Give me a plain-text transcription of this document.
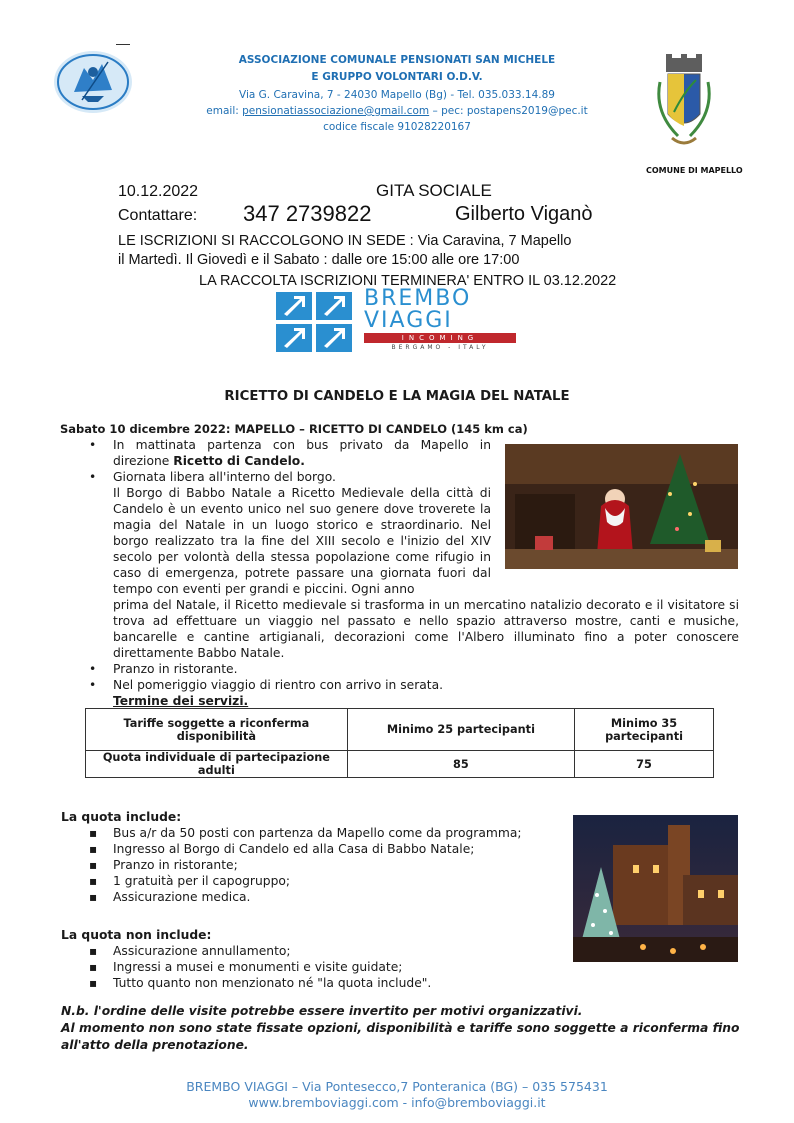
ASSOCIAZIONE COMUNALE PENSIONATI SAN MICHELE
E GRUPPO VOLONTARI O.D.V.
Via G. Caravina, 7 - 24030 Mapello (Bg) - Tel. 035.033.14.89
email: pensionatiassociazione@gmail.com – pec: postapens2019@pec.it
codice fiscale 91028220167
COMUNE DI MAPELLO
10.12.2022	GITA SOCIALE
Contattare: 347 2739822	Gilberto Viganò
LE ISCRIZIONI SI RACCOLGONO IN SEDE : Via Caravina, 7 Mapello
il Martedì. Il Giovedì e il Sabato : dalle ore 15:00 alle ore 17:00
LA RACCOLTA ISCRIZIONI TERMINERA' ENTRO IL 03.12.2022
BREMBO
VIAGGI
INCOMING
BERGAMO - ITALY
RICETTO DI CANDELO E LA MAGIA DEL NATALE
Sabato 10 dicembre 2022: MAPELLO – RICETTO DI CANDELO (145 km ca)
• In mattinata partenza con bus privato da Mapello in direzione Ricetto di Candelo.
• Giornata libera all'interno del borgo.
Il Borgo di Babbo Natale a Ricetto Medievale della città di Candelo è un evento unico nel suo genere dove troverete la magia del Natale in un luogo storico e straordinario. Nel borgo realizzato tra la fine del XIII secolo e l'inizio del XIV secolo per volontà della stessa popolazione come rifugio in caso di emergenza, potrete passare una giornata fuori dal tempo con eventi per grandi e piccini. Ogni anno
prima del Natale, il Ricetto medievale si trasforma in un mercatino natalizio decorato e il visitatore si trova ad effettuare un viaggio nel passato e nello spazio attraverso mostre, canti e musiche, bancarelle e cantine artigianali, decorazioni come l'Albero illuminato fino a poter conoscere direttamente Babbo Natale.
• Pranzo in ristorante.
• Nel pomeriggio viaggio di rientro con arrivo in serata.
Termine dei servizi.
Tariffe soggette a riconferma disponibilità	Minimo 25 partecipanti	Minimo 35 partecipanti
Quota individuale di partecipazione adulti	85	75
La quota include:
▪ Bus a/r da 50 posti con partenza da Mapello come da programma;
▪ Ingresso al Borgo di Candelo ed alla Casa di Babbo Natale;
▪ Pranzo in ristorante;
▪ 1 gratuità per il capogruppo;
▪ Assicurazione medica.
La quota non include:
▪ Assicurazione annullamento;
▪ Ingressi a musei e monumenti e visite guidate;
▪ Tutto quanto non menzionato né "la quota include".
N.b. l'ordine delle visite potrebbe essere invertito per motivi organizzativi.
Al momento non sono state fissate opzioni, disponibilità e tariffe sono soggette a riconferma fino all'atto della prenotazione.
BREMBO VIAGGI – Via Pontesecco,7 Ponteranica (BG) – 035 575431
www.bremboviaggi.com - info@bremboviaggi.it
